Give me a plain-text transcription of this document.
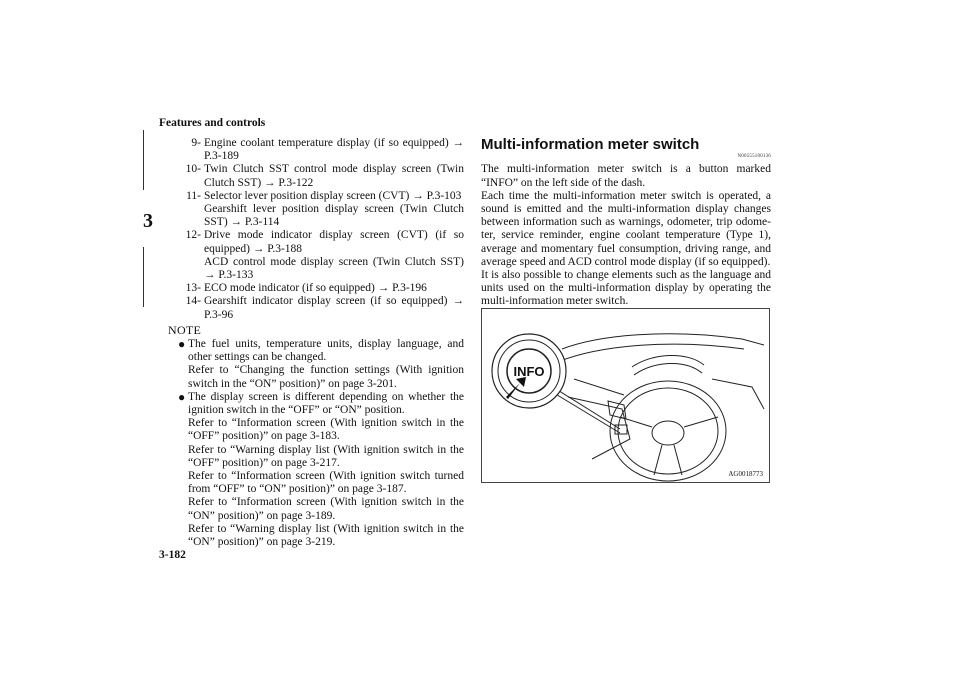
Features and controls
3
3-182
9- Engine coolant temperature display (if so equipped) → P.3-189
10- Twin Clutch SST control mode display screen (Twin Clutch SST) → P.3-122
11- Selector lever position display screen (CVT) → P.3-103
Gearshift lever position display screen (Twin Clutch SST) → P.3-114
12- Drive mode indicator display screen (CVT) (if so equipped) → P.3-188
ACD control mode display screen (Twin Clutch SST) → P.3-133
13- ECO mode indicator (if so equipped) → P.3-196
14- Gearshift indicator display screen (if so equipped) → P.3-96
NOTE
● The fuel units, temperature units, display language, and other settings can be changed.
Refer to “Changing the function settings (With ignition switch in the “ON” position)” on page 3-201.
● The display screen is different depending on whether the ignition switch in the “OFF” or “ON” position.
Refer to “Information screen (With ignition switch in the “OFF” position)” on page 3-183.
Refer to “Warning display list (With ignition switch in the “OFF” position)” on page 3-217.
Refer to “Information screen (With ignition switch turned from “OFF” to “ON” position)” on page 3-187.
Refer to “Information screen (With ignition switch in the “ON” position)” on page 3-189.
Refer to “Warning display list (With ignition switch in the “ON” position)” on page 3-219.
Multi-information meter switch
N00555100136
The multi-information meter switch is a button marked “INFO” on the left side of the dash.
Each time the multi-information meter switch is operated, a sound is emitted and the multi-information display changes between information such as warnings, odometer, trip odome-ter, service reminder, engine coolant temperature (Type 1), average and momentary fuel consumption, driving range, and average speed and ACD control mode display (if so equipped).
It is also possible to change elements such as the language and units used on the multi-information display by operating the multi-information meter switch.
INFO
AG0018773
